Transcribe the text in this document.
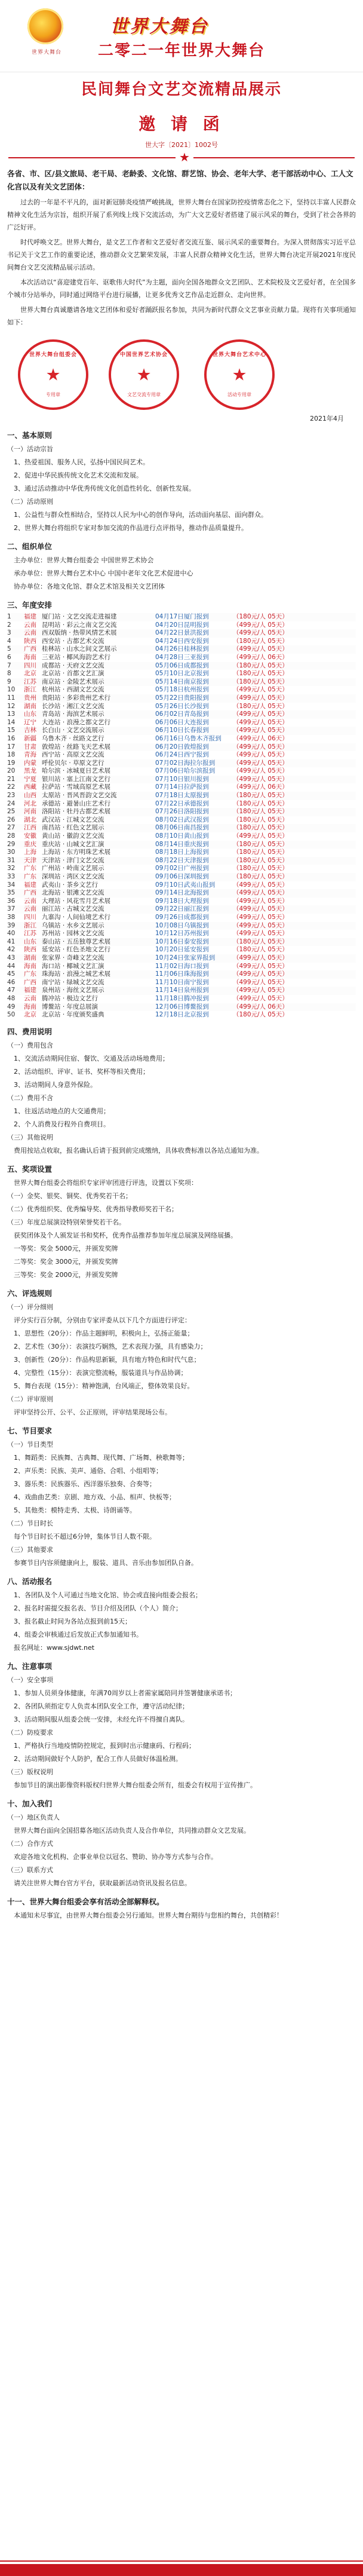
世界大舞台
世界大舞台
二零二一年世界大舞台
民间舞台文艺交流精品展示
邀 请 函
世大字〔2021〕1002号
★
各省、市、区/县文旅局、老干局、老龄委、文化馆、群艺馆、协会、老年大学、老干部活动中心、工人文化宫以及有关文艺团体：

过去的一年是不平凡的，面对新冠肺炎疫情严峻挑战，世界大舞台在国家防控疫情常态化之下，坚持以丰富人民群众精神文化生活为宗旨，组织开展了系列线上线下交流活动，为广大文艺爱好者搭建了展示风采的舞台，受到了社会各界的广泛好评。

时代呼唤文艺。世界大舞台，是文艺工作者和文艺爱好者交流互鉴、展示风采的重要舞台。为深入贯彻落实习近平总书记关于文艺工作的重要论述，推动群众文艺繁荣发展，丰富人民群众精神文化生活，世界大舞台决定开展2021年度民间舞台文艺交流精品展示活动。

本次活动以“喜迎建党百年、讴歌伟大时代”为主题，面向全国各地群众文艺团队、艺术院校及文艺爱好者，在全国多个城市分站举办，同时通过网络平台进行展播，让更多优秀文艺作品走近群众、走向世界。

世界大舞台真诚邀请各地文艺团体和爱好者踊跃报名参加，共同为新时代群众文艺事业贡献力量。现将有关事项通知如下：

世界大舞台组委会
专用章
★
中国世界艺术协会
文艺交流专用章
★
世界大舞台艺术中心
活动专用章
★
2021年4月
一、基本原则
（一）活动宗旨
1、热爱祖国、服务人民，弘扬中国民间艺术。
2、促进中华民族传统文化艺术交流和发展。
3、通过活动推动中华优秀传统文化创造性转化、创新性发展。
（二）活动原则
1、公益性与群众性相结合，坚持以人民为中心的创作导向，活动面向基层、面向群众。
2、世界大舞台将组织专家对参加交流的作品进行点评指导，推动作品质量提升。
二、组织单位
主办单位：世界大舞台组委会 中国世界艺术协会
承办单位：世界大舞台艺术中心 中国中老年文化艺术促进中心
协办单位：各地文化馆、群众艺术馆及相关文艺团体
三、年度安排
1	福建 厦门站 · 文艺交流走进福建	04月17日厦门报到	（180元/人 05天）
2	云南 昆明站 · 彩云之南文艺交流	04月20日昆明报到	（499元/人 05天）
3	云南 西双版纳 · 热带风情艺术展	04月22日景洪报到	（499元/人 05天）
4	陕西 西安站 · 古都艺术交流	04月24日西安报到	（180元/人 05天）
5	广西 桂林站 · 山水之间文艺展示	04月26日桂林报到	（499元/人 05天）
6	海南 三亚站 · 椰风海韵艺术行	04月28日三亚报到	（499元/人 06天）
7	四川 成都站 · 天府文艺交流	05月06日成都报到	（180元/人 05天）
8	北京 北京站 · 首都文艺汇演	05月10日北京报到	（180元/人 05天）
9	江苏 南京站 · 金陵艺术展示	05月14日南京报到	（180元/人 05天）
10	浙江 杭州站 · 西湖文艺交流	05月18日杭州报到	（499元/人 05天）
11	贵州 贵阳站 · 多彩贵州艺术行	05月22日贵阳报到	（499元/人 05天）
12	湖南 长沙站 · 湘江文艺交流	05月26日长沙报到	（180元/人 05天）
13	山东 青岛站 · 海滨艺术展示	06月02日青岛报到	（499元/人 05天）
14	辽宁 大连站 · 浪漫之都文艺行	06月06日大连报到	（499元/人 05天）
15	吉林 长白山 · 文艺交流展示	06月10日长春报到	（499元/人 05天）
16	新疆 乌鲁木齐 · 丝路文艺行	06月16日乌鲁木齐报到	（499元/人 06天）
17	甘肃 敦煌站 · 丝路飞天艺术展	06月20日敦煌报到	（499元/人 05天）
18	青海 西宁站 · 高原文艺交流	06月24日西宁报到	（499元/人 05天）
19	内蒙 呼伦贝尔 · 草原文艺行	07月02日海拉尔报到	（499元/人 05天）
20	黑龙 哈尔滨 · 冰城夏日艺术展	07月06日哈尔滨报到	（499元/人 05天）
21	宁夏 银川站 · 塞上江南文艺行	07月10日银川报到	（499元/人 05天）
22	西藏 拉萨站 · 雪域高原艺术展	07月14日拉萨报到	（499元/人 06天）
23	山西 太原站 · 晋风晋韵文艺交流	07月18日太原报到	（180元/人 05天）
24	河北 承德站 · 避暑山庄艺术行	07月22日承德报到	（180元/人 05天）
25	河南 洛阳站 · 牡丹古都艺术展	07月26日洛阳报到	（180元/人 05天）
26	湖北 武汉站 · 江城文艺交流	08月02日武汉报到	（180元/人 05天）
27	江西 南昌站 · 红色文艺展示	08月06日南昌报到	（180元/人 05天）
28	安徽 黄山站 · 徽韵文艺交流	08月10日黄山报到	（499元/人 05天）
29	重庆 重庆站 · 山城文艺汇演	08月14日重庆报到	（180元/人 05天）
30	上海 上海站 · 东方明珠艺术展	08月18日上海报到	（180元/人 05天）
31	天津 天津站 · 津门文艺交流	08月22日天津报到	（180元/人 05天）
32	广东 广州站 · 岭南文艺展示	09月02日广州报到	（180元/人 05天）
33	广东 深圳站 · 湾区文艺交流	09月06日深圳报到	（180元/人 05天）
34	福建 武夷山 · 茶乡文艺行	09月10日武夷山报到	（499元/人 05天）
35	广西 北海站 · 银滩文艺交流	09月14日北海报到	（499元/人 05天）
36	云南 大理站 · 风花雪月艺术展	09月18日大理报到	（499元/人 05天）
37	云南 丽江站 · 古城文艺交流	09月22日丽江报到	（499元/人 05天）
38	四川 九寨沟 · 人间仙境艺术行	09月26日成都报到	（499元/人 05天）
39	浙江 乌镇站 · 水乡文艺展示	10月08日乌镇报到	（499元/人 05天）
40	江苏 苏州站 · 园林文艺交流	10月12日苏州报到	（499元/人 05天）
41	山东 泰山站 · 五岳独尊艺术展	10月16日泰安报到	（180元/人 05天）
42	陕西 延安站 · 红色圣地文艺行	10月20日延安报到	（180元/人 05天）
43	湖南 张家界 · 奇峰文艺交流	10月24日张家界报到	（499元/人 05天）
44	海南 海口站 · 椰城文艺汇演	11月02日海口报到	（499元/人 05天）
45	广东 珠海站 · 浪漫之城艺术展	11月06日珠海报到	（499元/人 05天）
46	广西 南宁站 · 绿城文艺交流	11月10日南宁报到	（499元/人 05天）
47	福建 泉州站 · 海丝文艺展示	11月14日泉州报到	（499元/人 05天）
48	云南 腾冲站 · 极边文艺行	11月18日腾冲报到	（499元/人 05天）
49	海南 博鳌站 · 年度总展演	12月06日博鳌报到	（499元/人 06天）
50	北京 北京站 · 年度颁奖盛典	12月18日北京报到	（180元/人 05天）
四、费用说明
（一）费用包含
1、交流活动期间住宿、餐饮、交通及活动场地费用；
2、活动组织、评审、证书、奖杯等相关费用；
3、活动期间人身意外保险。
（二）费用不含
1、往返活动地点的大交通费用；
2、个人消费及行程外自费项目。
（三）其他说明
费用按站点收取，报名确认后请于报到前完成缴纳，具体收费标准以各站点通知为准。
五、奖项设置
世界大舞台组委会将组织专家评审团进行评选，设置以下奖项：
（一）金奖、银奖、铜奖、优秀奖若干名；
（二）优秀组织奖、优秀编导奖、优秀指导教师奖若干名；
（三）年度总展演设特别荣誉奖若干名。
获奖团体及个人颁发证书和奖杯，优秀作品推荐参加年度总展演及网络展播。
一等奖：奖金 5000元，并颁发奖牌
二等奖：奖金 3000元，并颁发奖牌
三等奖：奖金 2000元，并颁发奖牌
六、评选规则
（一）评分细则
评分实行百分制，分别由专家评委从以下几个方面进行评定：
1、思想性（20分）：作品主题鲜明，积极向上，弘扬正能量；
2、艺术性（30分）：表演技巧娴熟，艺术表现力强，具有感染力；
3、创新性（20分）：作品构思新颖，具有地方特色和时代气息；
4、完整性（15分）：表演完整流畅，服装道具与作品协调；
5、舞台表现（15分）：精神饱满，台风端正，整体效果良好。
（二）评审原则
评审坚持公开、公平、公正原则，评审结果现场公布。
七、节目要求
（一）节目类型
1、舞蹈类：民族舞、古典舞、现代舞、广场舞、秧歌舞等；
2、声乐类：民族、美声、通俗、合唱、小组唱等；
3、器乐类：民族器乐、西洋器乐独奏、合奏等；
4、戏曲曲艺类：京剧、地方戏、小品、相声、快板等；
5、其他类：模特走秀、太极、诗朗诵等。
（二）节目时长
每个节目时长不超过6分钟，集体节目人数不限。
（三）其他要求
参赛节目内容须健康向上，服装、道具、音乐由参加团队自备。
八、活动报名
1、各团队及个人可通过当地文化馆、协会或直接向组委会报名；
2、报名时需提交报名表、节目介绍及团队（个人）简介；
3、报名截止时间为各站点报到前15天；
4、组委会审核通过后发放正式参加通知书。
报名网址：www.sjdwt.net
九、注意事项
（一）安全事项
1、参加人员须身体健康，年满70周岁以上者需家属陪同并签署健康承诺书；
2、各团队须指定专人负责本团队安全工作，遵守活动纪律；
3、活动期间服从组委会统一安排，未经允许不得擅自离队。
（二）防疫要求
1、严格执行当地疫情防控规定，报到时出示健康码、行程码；
2、活动期间做好个人防护，配合工作人员做好体温检测。
（三）版权说明
参加节目的演出影像资料版权归世界大舞台组委会所有，组委会有权用于宣传推广。
十、加入我们
（一）地区负责人
世界大舞台面向全国招募各地区活动负责人及合作单位，共同推动群众文艺发展。
（二）合作方式
欢迎各地文化机构、企事业单位以冠名、赞助、协办等方式参与合作。
（三）联系方式
请关注世界大舞台官方平台，获取最新活动资讯及报名信息。
十一、世界大舞台组委会享有活动全部解释权。
本通知未尽事宜，由世界大舞台组委会另行通知。世界大舞台期待与您相约舞台，共创精彩！
